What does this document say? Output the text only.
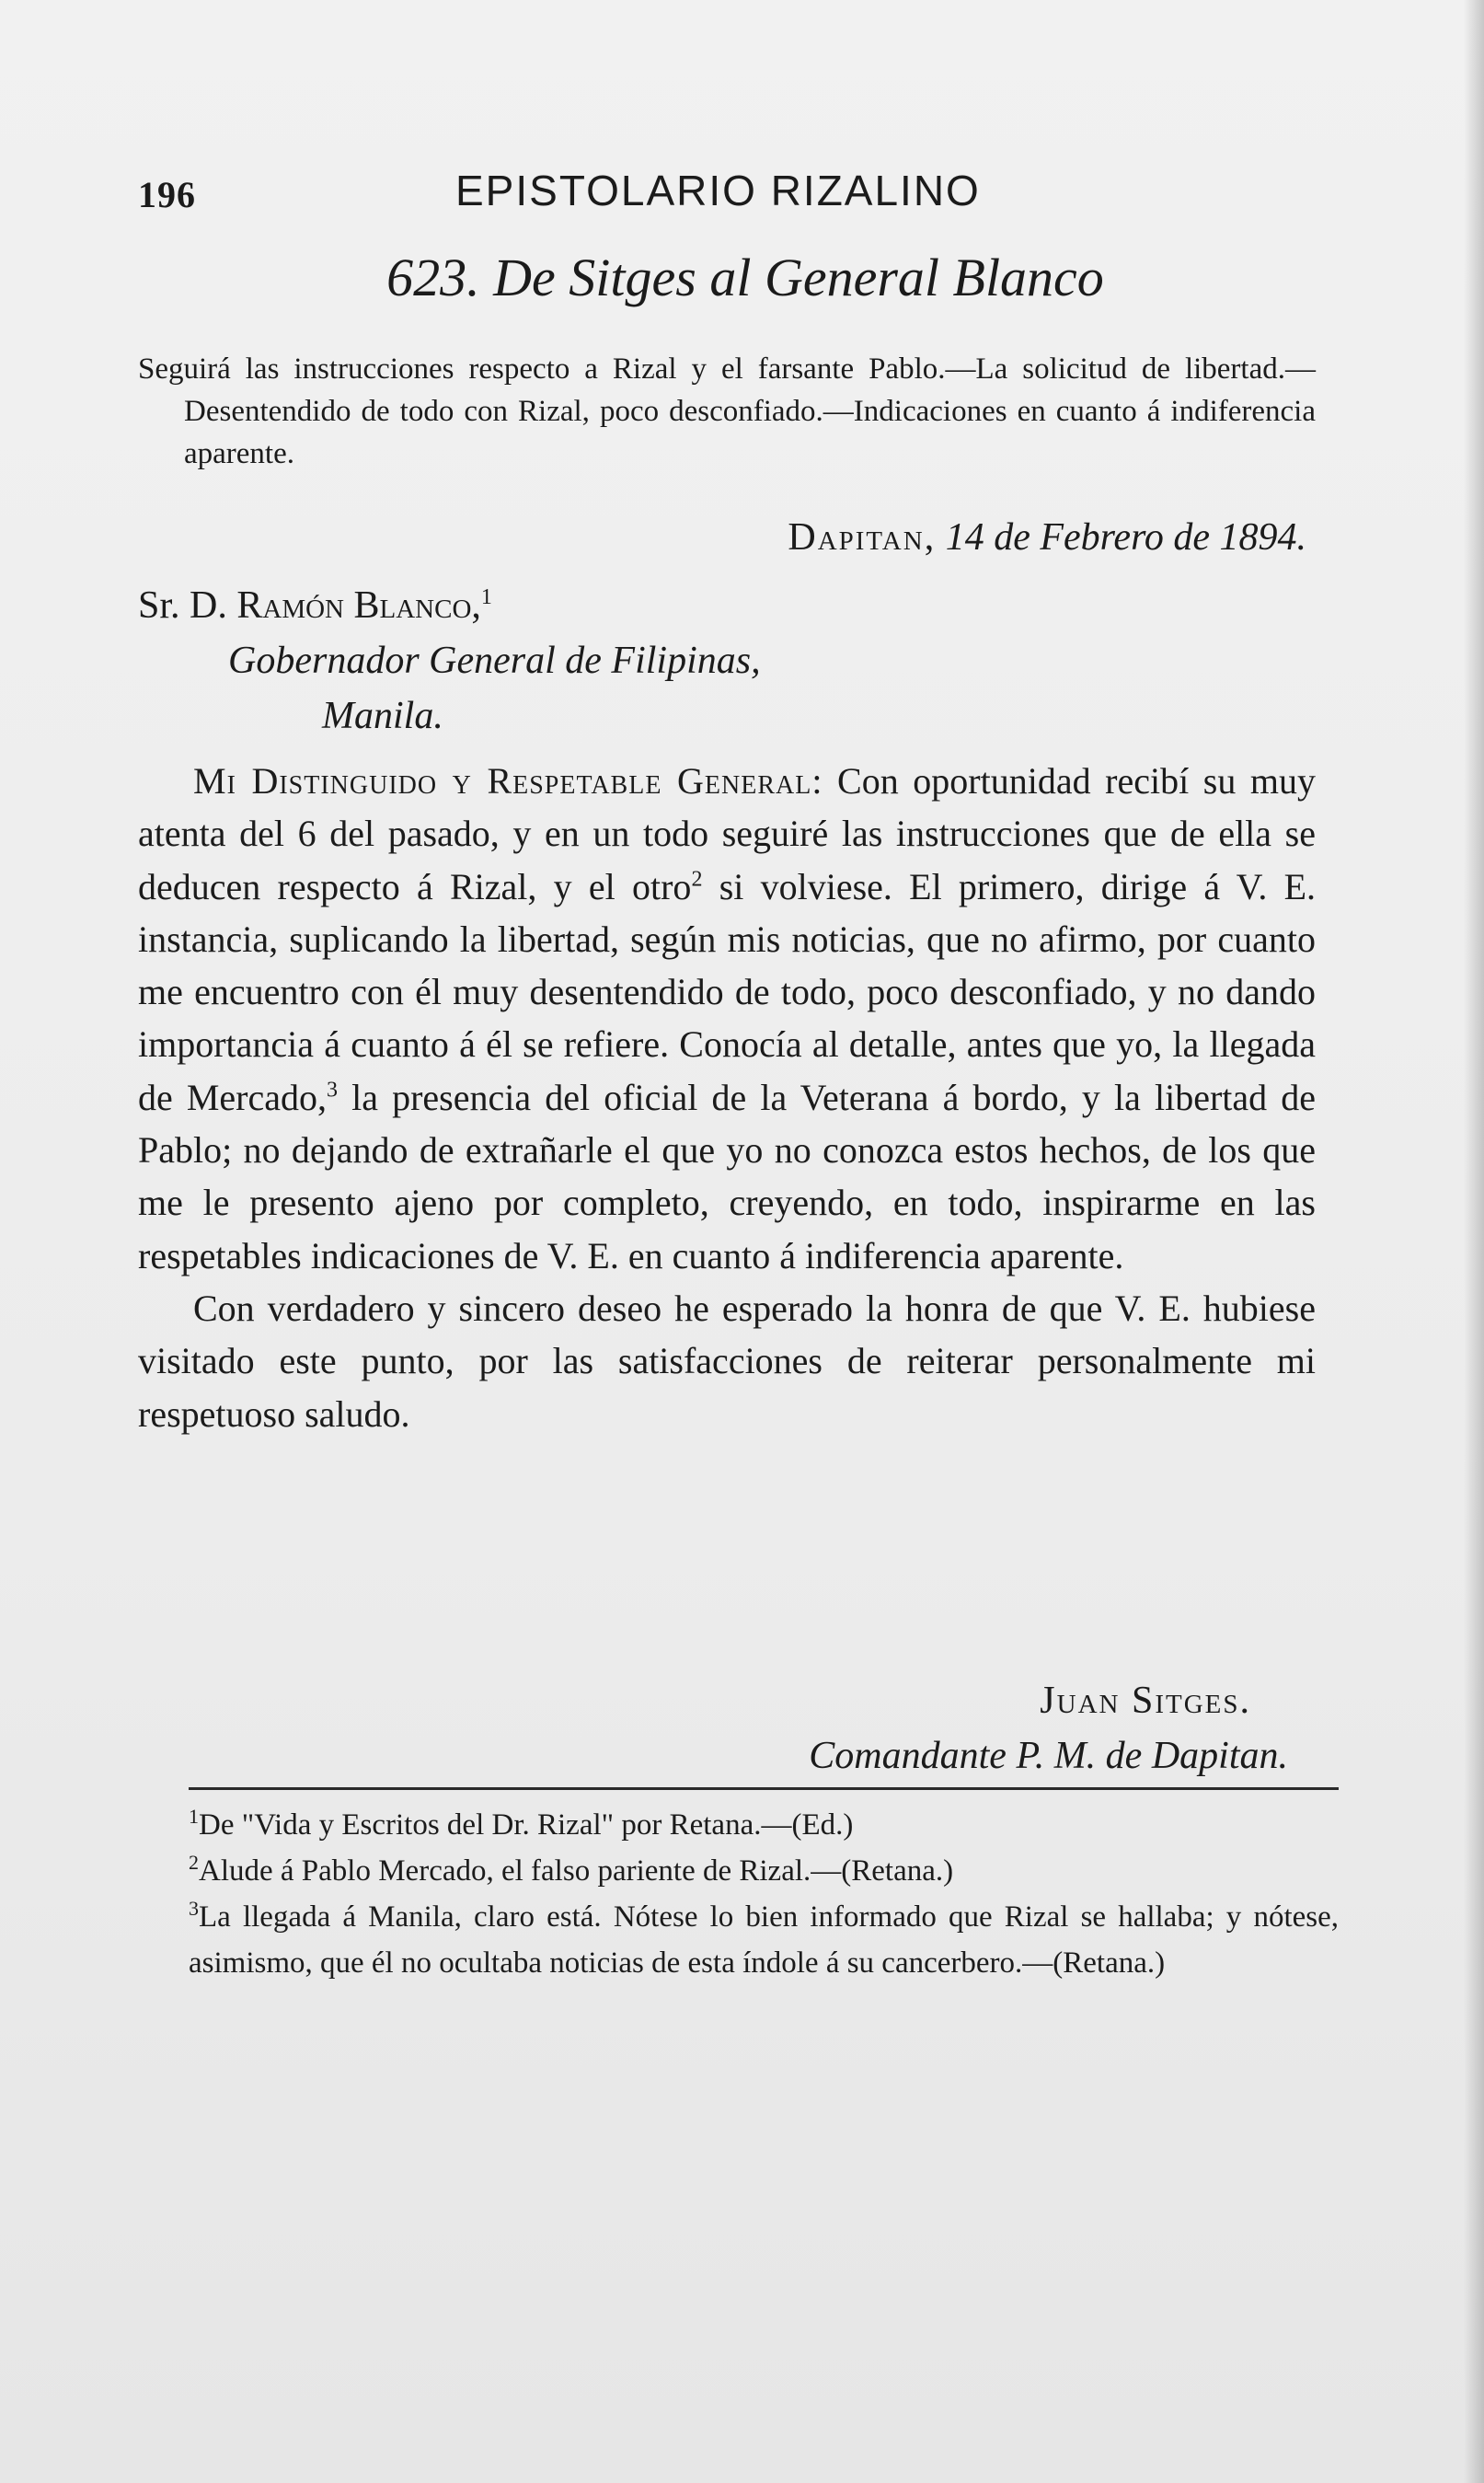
196	EPISTOLARIO RIZALINO
623. De Sitges al General Blanco
Seguirá las instrucciones respecto a Rizal y el farsante Pablo.—La solicitud de libertad.—Desentendido de todo con Rizal, poco desconfiado.—Indicaciones en cuanto á indiferencia aparente.
Dapitan, 14 de Febrero de 1894.
Sr. D. Ramón Blanco,$^1$
Gobernador General de Filipinas,
Manila.

Mi Distinguido y Respetable General: Con oportunidad recibí su muy atenta del 6 del pasado, y en un todo seguiré las instrucciones que de ella se deducen respecto á Rizal, y el otro$^2$ si volviese. El primero, dirige á V. E. instancia, suplicando la libertad, según mis noticias, que no afirmo, por cuanto me encuentro con él muy desentendido de todo, poco desconfiado, y no dando importancia á cuanto á él se refiere. Conocía al detalle, antes que yo, la llegada de Mercado,$^3$ la presencia del oficial de la Veterana á bordo, y la libertad de Pablo; no dejando de extrañarle el que yo no conozca estos hechos, de los que me le presento ajeno por completo, creyendo, en todo, inspirarme en las respetables indicaciones de V. E. en cuanto á indiferencia aparente.

Con verdadero y sincero deseo he esperado la honra de que V. E. hubiese visitado este punto, por las satisfacciones de reiterar personalmente mi respetuoso saludo.

Juan Sitges.
Comandante P. M. de Dapitan.

$^1$De "Vida y Escritos del Dr. Rizal" por Retana.—(Ed.)

$^2$Alude á Pablo Mercado, el falso pariente de Rizal.—(Retana.)

$^3$La llegada á Manila, claro está. Nótese lo bien informado que Rizal se hallaba; y nótese, asimismo, que él no ocultaba noticias de esta índole á su cancerbero.—(Retana.)
